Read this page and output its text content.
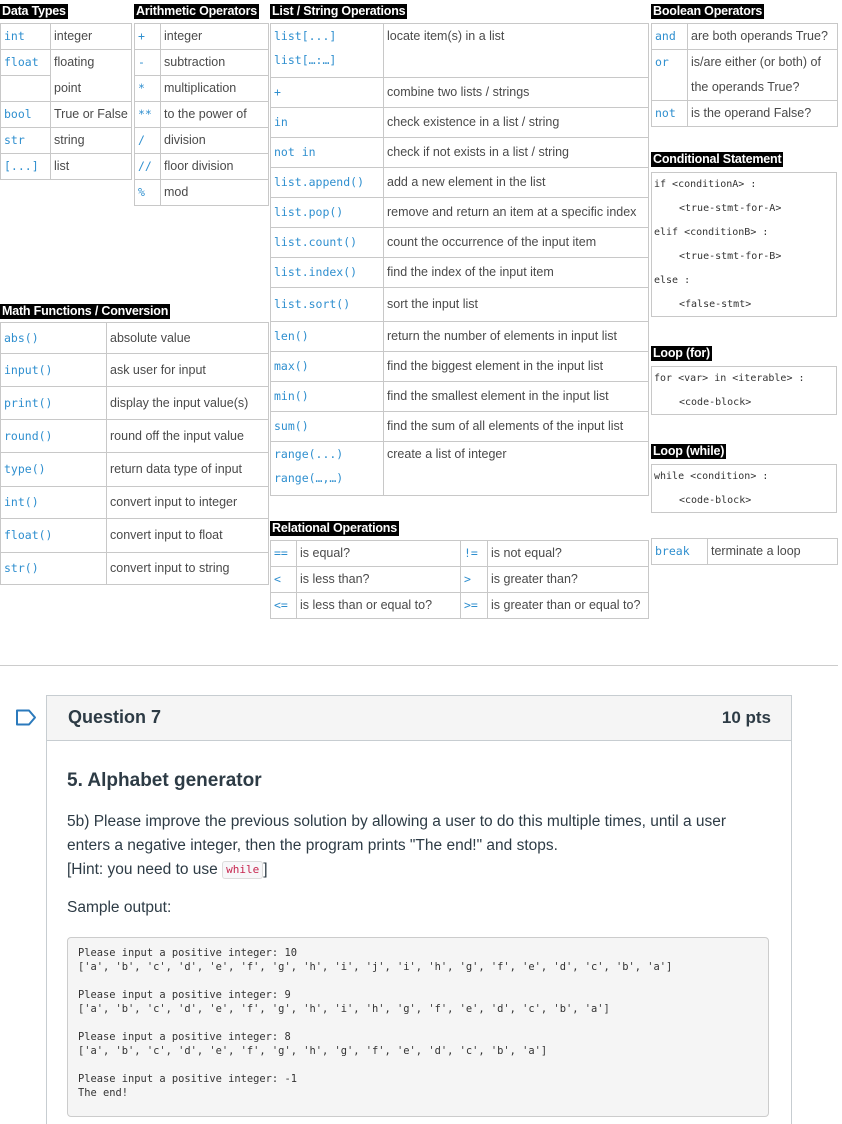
Data Types
int	integer
float	floating
	point
bool	True or False
str	string
[...]	list
Arithmetic Operators
+	integer
-	subtraction
*	multiplication
**	to the power of
/	division
//	floor division
%	mod
List / String Operations
list[...]
list[…:…]	locate item(s) in a list
+	combine two lists / strings
in	check existence in a list / string
not in	check if not exists in a list / string
list.append()	add a new element in the list
list.pop()	remove and return an item at a specific index
list.count()	count the occurrence of the input item
list.index()	find the index of the input item
list.sort()	sort the input list
len()	return the number of elements in input list
max()	find the biggest element in the input list
min()	find the smallest element in the input list
sum()	find the sum of all elements of the input list

range(...)
range(…,…)	create a list of integer
Boolean Operators
and	are both operands True?
or	is/are either (or both) of
	the operands True?
not	is the operand False?
Conditional Statement
if <conditionA> :
<true-stmt-for-A>
elif <conditionB> :
<true-stmt-for-B>
else :
<false-stmt>
Loop (for)
for <var> in <iterable> :
<code-block>
Loop (while)
while <condition> :
<code-block>
break	terminate a loop
Math Functions / Conversion
abs()	absolute value
input()	ask user for input
print()	display the input value(s)
round()	round off the input value
type()	return data type of input
int()	convert input to integer
float()	convert input to float
str()	convert input to string
Relational Operations
==	is equal?	!=	is not equal?
<	is less than?	>	is greater than?
<=	is less than or equal to?	>=	is greater than or equal to?
Question 7	10 pts
5. Alphabet generator

5b) Please improve the previous solution by allowing a user to do this multiple times, until a user enters a negative integer, then the program prints "The end!" and stops.
[Hint: you need to use while ]

Sample output:

Please input a positive integer: 10
['a', 'b', 'c', 'd', 'e', 'f', 'g', 'h', 'i', 'j', 'i', 'h', 'g', 'f', 'e', 'd', 'c', 'b', 'a']

Please input a positive integer: 9
['a', 'b', 'c', 'd', 'e', 'f', 'g', 'h', 'i', 'h', 'g', 'f', 'e', 'd', 'c', 'b', 'a']

Please input a positive integer: 8
['a', 'b', 'c', 'd', 'e', 'f', 'g', 'h', 'g', 'f', 'e', 'd', 'c', 'b', 'a']

Please input a positive integer: -1
The end!
